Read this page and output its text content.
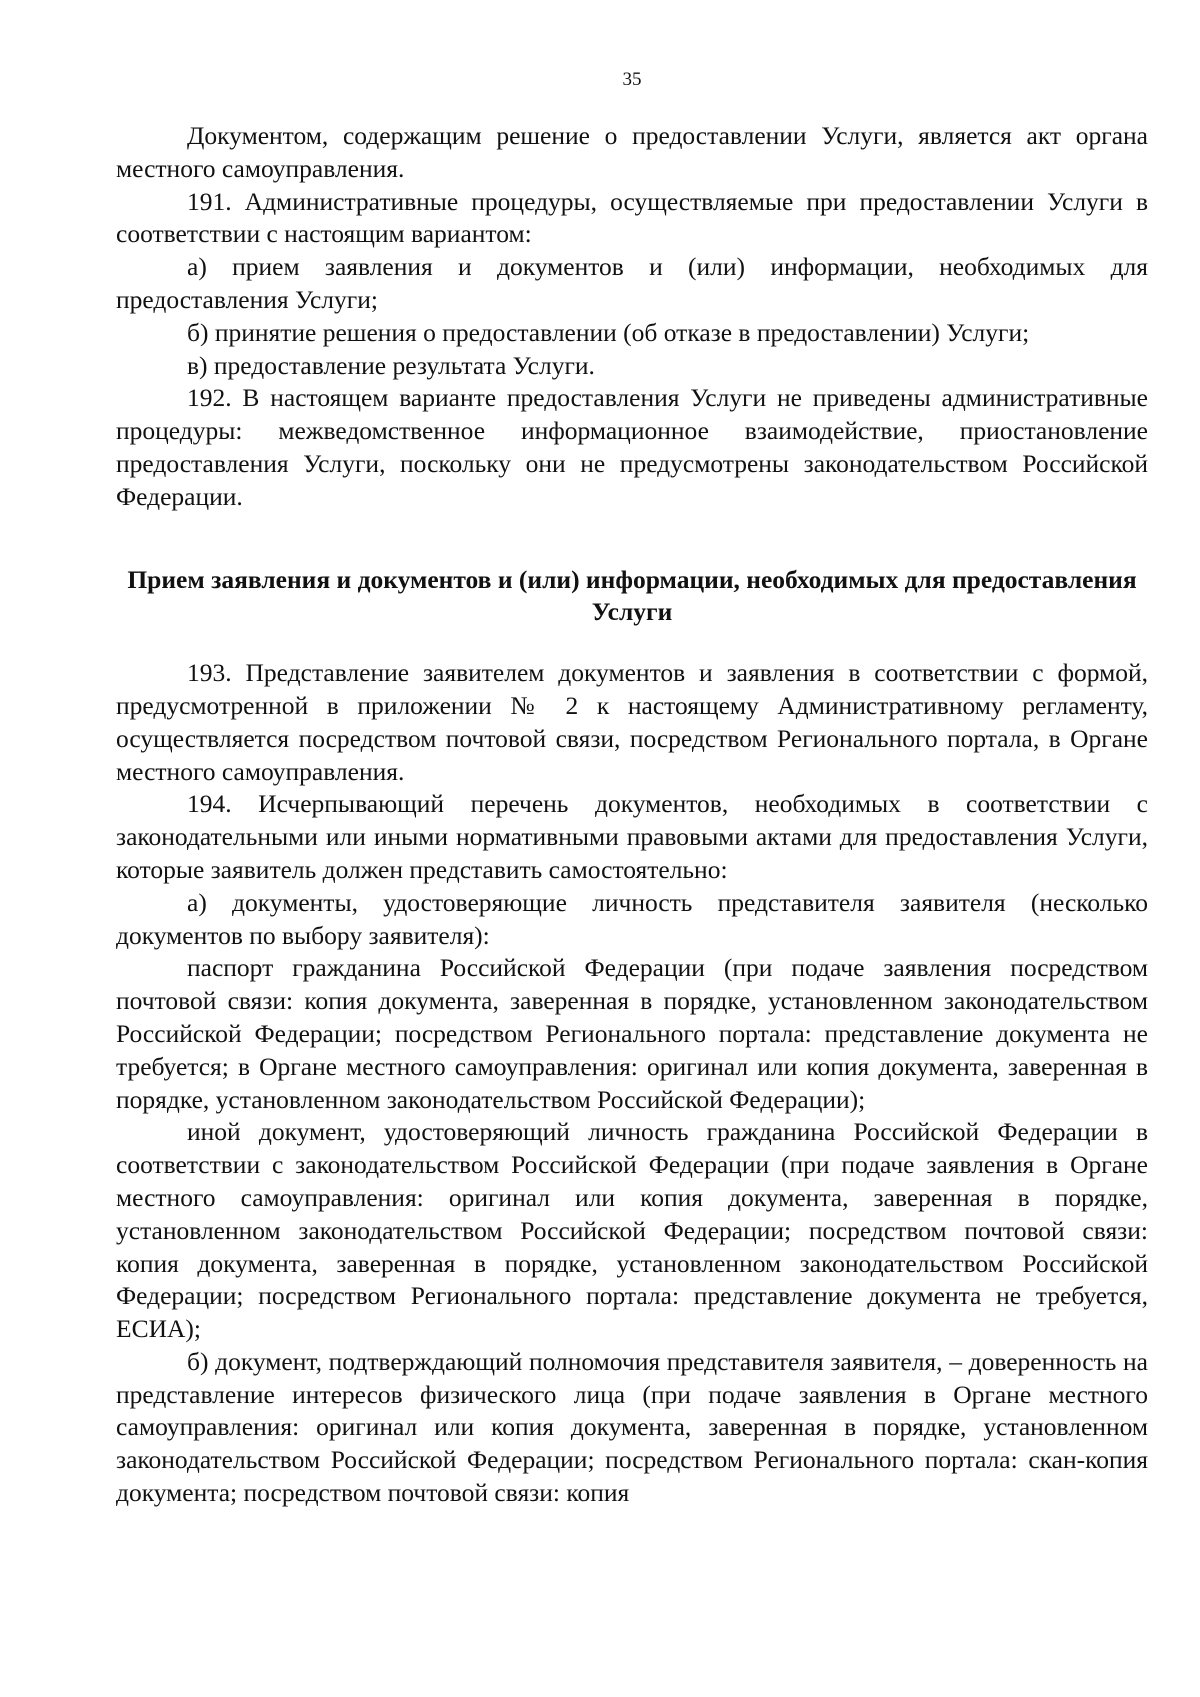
35

Документом, содержащим решение о предоставлении Услуги, является акт органа местного самоуправления.

191. Административные процедуры, осуществляемые при предоставлении Услуги в соответствии с настоящим вариантом:

а) прием заявления и документов и (или) информации, необходимых для предоставления Услуги;

б) принятие решения о предоставлении (об отказе в предоставлении) Услуги;

в) предоставление результата Услуги.

192. В настоящем варианте предоставления Услуги не приведены административные процедуры: межведомственное информационное взаимодействие, приостановление предоставления Услуги, поскольку они не предусмотрены законодательством Российской Федерации.

Прием заявления и документов и (или) информации, необходимых для предоставления Услуги

193. Представление заявителем документов и заявления в соответствии с формой, предусмотренной в приложении № 2 к настоящему Административному регламенту, осуществляется посредством почтовой связи, посредством Регионального портала, в Органе местного самоуправления.

194. Исчерпывающий перечень документов, необходимых в соответствии с законодательными или иными нормативными правовыми актами для предоставления Услуги, которые заявитель должен представить самостоятельно:

а) документы, удостоверяющие личность представителя заявителя (несколько документов по выбору заявителя):

паспорт гражданина Российской Федерации (при подаче заявления посредством почтовой связи: копия документа, заверенная в порядке, установленном законодательством Российской Федерации; посредством Регионального портала: представление документа не требуется; в Органе местного самоуправления: оригинал или копия документа, заверенная в порядке, установленном законодательством Российской Федерации);

иной документ, удостоверяющий личность гражданина Российской Федерации в соответствии с законодательством Российской Федерации (при подаче заявления в Органе местного самоуправления: оригинал или копия документа, заверенная в порядке, установленном законодательством Российской Федерации; посредством почтовой связи: копия документа, заверенная в порядке, установленном законодательством Российской Федерации; посредством Регионального портала: представление документа не требуется, ЕСИА);

б) документ, подтверждающий полномочия представителя заявителя, – доверенность на представление интересов физического лица (при подаче заявления в Органе местного самоуправления: оригинал или копия документа, заверенная в порядке, установленном законодательством Российской Федерации; посредством Регионального портала: скан-копия документа; посредством почтовой связи: копия
